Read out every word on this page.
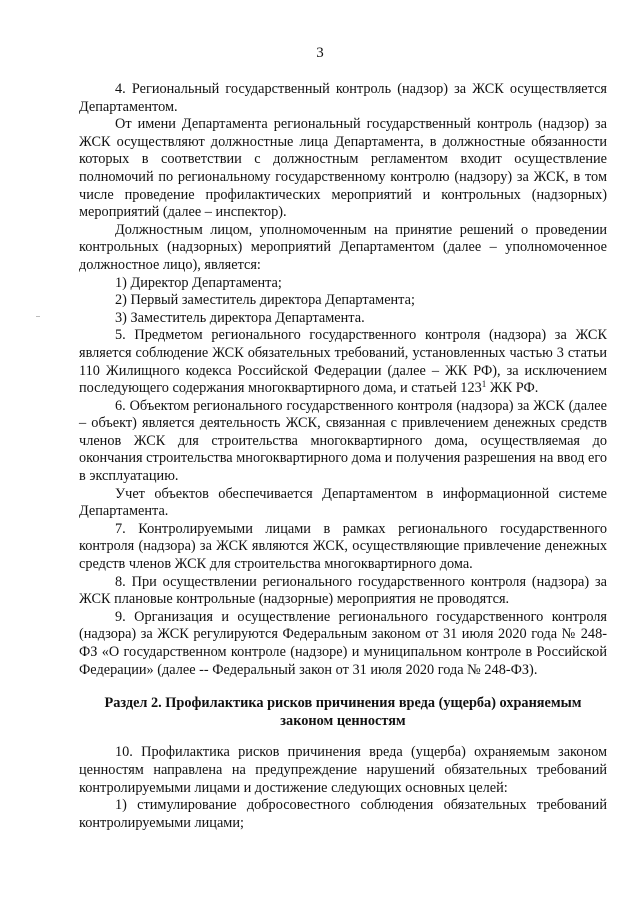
3

4. Региональный государственный контроль (надзор) за ЖСК осуществляется Департаментом.

От имени Департамента региональный государственный контроль (надзор) за ЖСК осуществляют должностные лица Департамента, в должностные обязанности которых в соответствии с должностным регламентом входит осуществление полномочий по региональному государственному контролю (надзору) за ЖСК, в том числе проведение профилактических мероприятий и контрольных (надзорных) мероприятий (далее – инспектор).

Должностным лицом, уполномоченным на принятие решений о проведении контрольных (надзорных) мероприятий Департаментом (далее – уполномоченное должностное лицо), является:

1) Директор Департамента;

2) Первый заместитель директора Департамента;

3) Заместитель директора Департамента.

5. Предметом регионального государственного контроля (надзора) за ЖСК является соблюдение ЖСК обязательных требований, установленных частью 3 статьи 110 Жилищного кодекса Российской Федерации (далее – ЖК РФ), за исключением последующего содержания многоквартирного дома, и статьей $123^1$ ЖК РФ.

6. Объектом регионального государственного контроля (надзора) за ЖСК (далее – объект) является деятельность ЖСК, связанная с привлечением денежных средств членов ЖСК для строительства многоквартирного дома, осуществляемая до окончания строительства многоквартирного дома и получения разрешения на ввод его в эксплуатацию.

Учет объектов обеспечивается Департаментом в информационной системе Департамента.

7. Контролируемыми лицами в рамках регионального государственного контроля (надзора) за ЖСК являются ЖСК, осуществляющие привлечение денежных средств членов ЖСК для строительства многоквартирного дома.

8. При осуществлении регионального государственного контроля (надзора) за ЖСК плановые контрольные (надзорные) мероприятия не проводятся.

9. Организация и осуществление регионального государственного контроля (надзора) за ЖСК регулируются Федеральным законом от 31 июля 2020 года № 248-ФЗ «О государственном контроле (надзоре) и муниципальном контроле в Российской Федерации» (далее -- Федеральный закон от 31 июля 2020 года № 248-ФЗ).

Раздел 2. Профилактика рисков причинения вреда (ущерба) охраняемым законом ценностям

10. Профилактика рисков причинения вреда (ущерба) охраняемым законом ценностям направлена на предупреждение нарушений обязательных требований контролируемыми лицами и достижение следующих основных целей:

1) стимулирование добросовестного соблюдения обязательных требований контролируемыми лицами;
